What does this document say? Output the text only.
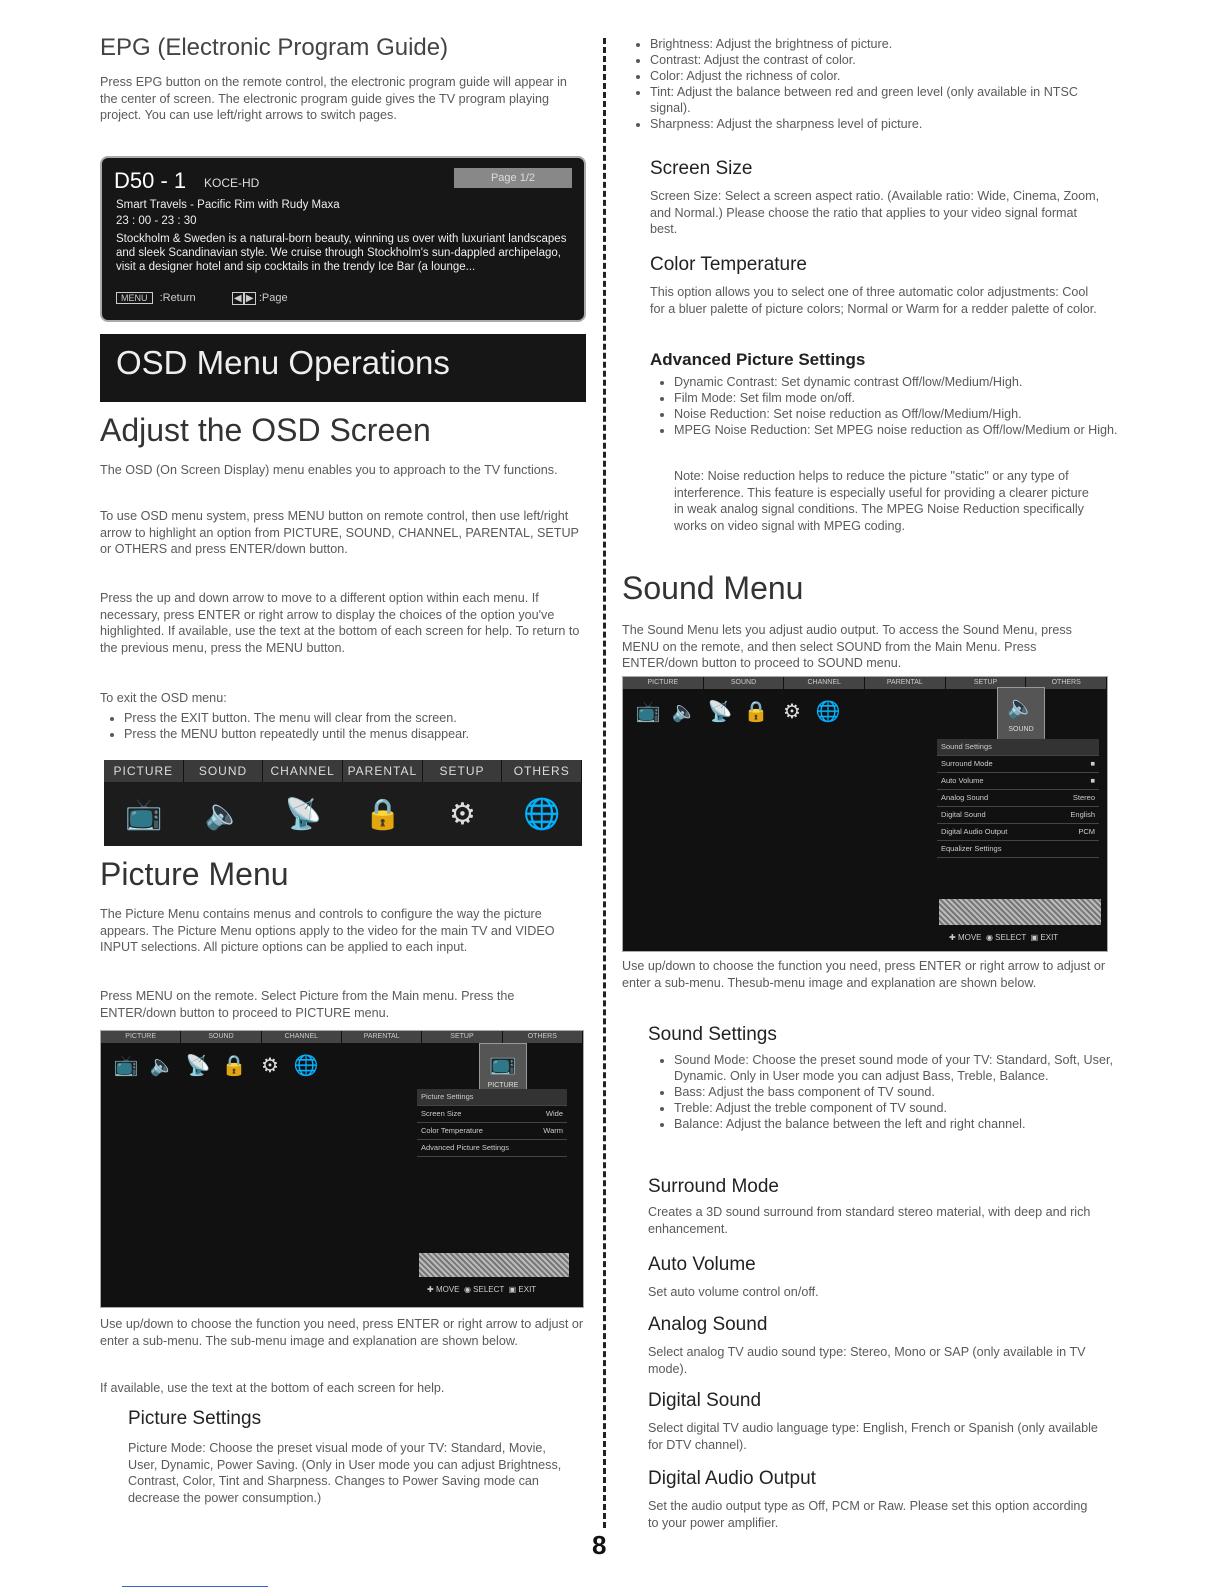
EPG (Electronic Program Guide)
Press EPG button on the remote control, the electronic program guide will appear in the center of screen. The electronic program guide gives the TV program playing project. You can use left/right arrows to switch pages.
D50 - 1 KOCE-HD	Page 1/2
Smart Travels - Pacific Rim with Rudy Maxa
23 : 00 - 23 : 30
Stockholm & Sweden is a natural-born beauty, winning us over with luxuriant landscapes and sleek Scandinavian style. We cruise through Stockholm's sun-dappled archipelago, visit a designer hotel and sip cocktails in the trendy Ice Bar (a lounge...
MENU :Return	◀ ▶ :Page
OSD Menu Operations
Adjust the OSD Screen
The OSD (On Screen Display) menu enables you to approach to the TV functions.
To use OSD menu system, press MENU button on remote control, then use left/right arrow to highlight an option from PICTURE, SOUND, CHANNEL, PARENTAL, SETUP or OTHERS and press ENTER/down button.
Press the up and down arrow to move to a different option within each menu. If necessary, press ENTER or right arrow to display the choices of the option you've highlighted. If available, use the text at the bottom of each screen for help. To return to the previous menu, press the MENU button.
To exit the OSD menu:
• Press the EXIT button. The menu will clear from the screen.
• Press the MENU button repeatedly until the menus disappear.
PICTURE	SOUND	CHANNEL	PARENTAL	SETUP	OTHERS
📺 🔈 📡 🔒 ⚙ 🌐
Picture Menu
The Picture Menu contains menus and controls to configure the way the picture appears. The Picture Menu options apply to the video for the main TV and VIDEO INPUT selections. All picture options can be applied to each input.
Press MENU on the remote. Select Picture from the Main menu. Press the ENTER/down button to proceed to PICTURE menu.
PICTURE	SOUND	CHANNEL	PARENTAL	SETUP	OTHERS
📺 🔈 📡 🔒 ⚙ 🌐	📺
PICTURE
Picture Settings
Screen Size	Wide
Color Temperature	Warm
Advanced Picture Settings
✚ MOVE ◉ SELECT ▣ EXIT
Use up/down to choose the function you need, press ENTER or right arrow to adjust or enter a sub-menu. The sub-menu image and explanation are shown below.
If available, use the text at the bottom of each screen for help.
Picture Settings
Picture Mode: Choose the preset visual mode of your TV: Standard, Movie, User, Dynamic, Power Saving. (Only in User mode you can adjust Brightness, Contrast, Color, Tint and Sharpness. Changes to Power Saving mode can decrease the power consumption.)
8
• Brightness: Adjust the brightness of picture.
• Contrast: Adjust the contrast of color.
• Color: Adjust the richness of color.
• Tint: Adjust the balance between red and green level (only available in NTSC signal).
• Sharpness: Adjust the sharpness level of picture.
Screen Size
Screen Size: Select a screen aspect ratio. (Available ratio: Wide, Cinema, Zoom, and Normal.) Please choose the ratio that applies to your video signal format best.
Color Temperature
This option allows you to select one of three automatic color adjustments: Cool for a bluer palette of picture colors; Normal or Warm for a redder palette of color.
Advanced Picture Settings
• Dynamic Contrast: Set dynamic contrast Off/low/Medium/High.
• Film Mode: Set film mode on/off.
• Noise Reduction: Set noise reduction as Off/low/Medium/High.
• MPEG Noise Reduction: Set MPEG noise reduction as Off/low/Medium or High.
Note: Noise reduction helps to reduce the picture "static" or any type of interference. This feature is especially useful for providing a clearer picture in weak analog signal conditions. The MPEG Noise Reduction specifically works on video signal with MPEG coding.
Sound Menu
The Sound Menu lets you adjust audio output. To access the Sound Menu, press MENU on the remote, and then select SOUND from the Main Menu. Press ENTER/down button to proceed to SOUND menu.
PICTURE	SOUND	CHANNEL	PARENTAL	SETUP	OTHERS
📺 🔈 📡 🔒 ⚙ 🌐	🔈
SOUND
Sound Settings
Surround Mode	■
Auto Volume	■
Analog Sound	Stereo
Digital Sound	English
Digital Audio Output	PCM
Equalizer Settings
✚ MOVE ◉ SELECT ▣ EXIT
Use up/down to choose the function you need, press ENTER or right arrow to adjust or enter a sub-menu. Thesub-menu image and explanation are shown below.
Sound Settings
• Sound Mode: Choose the preset sound mode of your TV: Standard, Soft, User, Dynamic. Only in User mode you can adjust Bass, Treble, Balance.
• Bass: Adjust the bass component of TV sound.
• Treble: Adjust the treble component of TV sound.
• Balance: Adjust the balance between the left and right channel.
Surround Mode
Creates a 3D sound surround from standard stereo material, with deep and rich enhancement.
Auto Volume
Set auto volume control on/off.
Analog Sound
Select analog TV audio sound type: Stereo, Mono or SAP (only available in TV mode).
Digital Sound
Select digital TV audio language type: English, French or Spanish (only available for DTV channel).
Digital Audio Output
Set the audio output type as Off, PCM or Raw. Please set this option according to your power amplifier.
